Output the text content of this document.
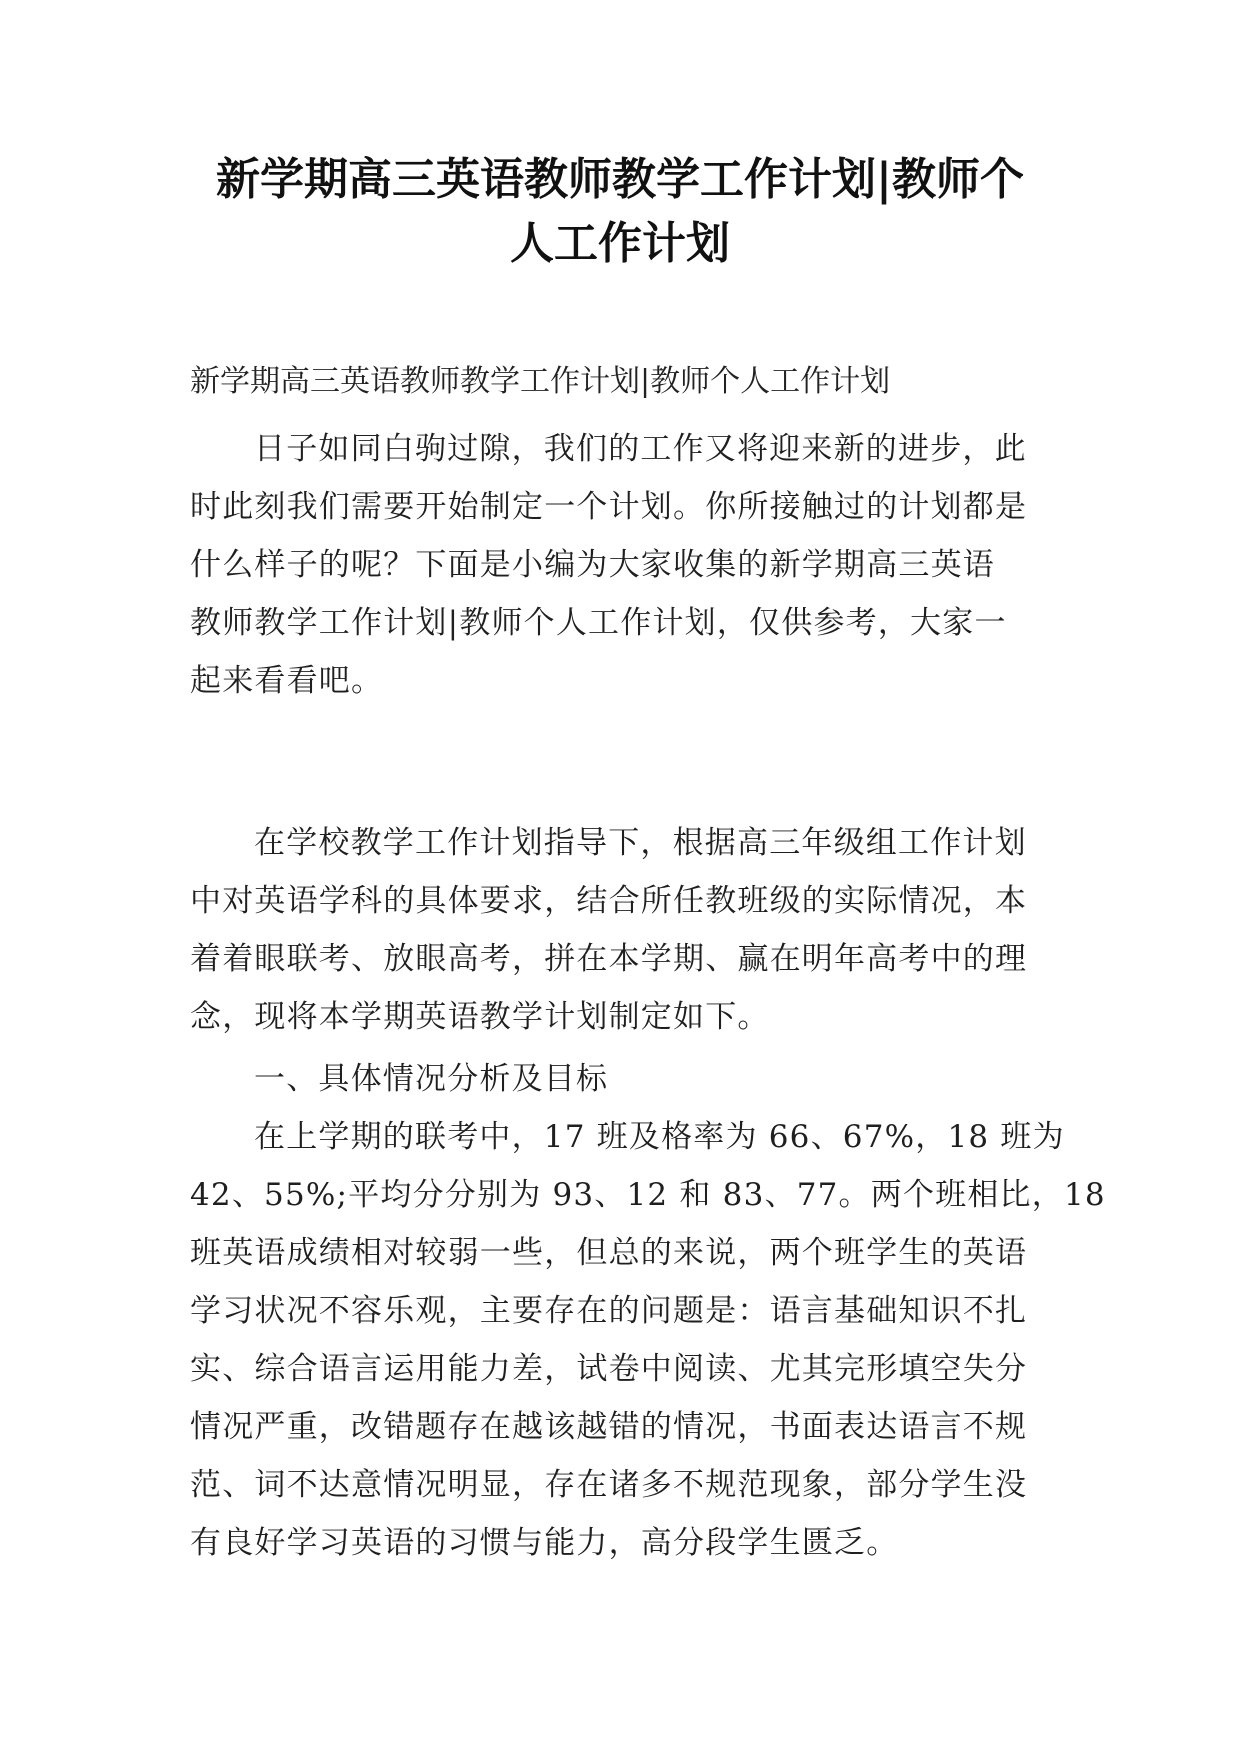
新学期高三英语教师教学工作计划|教师个
人工作计划

新学期高三英语教师教学工作计划|教师个人工作计划

日子如同白驹过隙，我们的工作又将迎来新的进步，此
时此刻我们需要开始制定一个计划。你所接触过的计划都是
什么样子的呢？下面是小编为大家收集的新学期高三英语
教师教学工作计划|教师个人工作计划，仅供参考，大家一
起来看看吧。

在学校教学工作计划指导下，根据高三年级组工作计划
中对英语学科的具体要求，结合所任教班级的实际情况，本
着着眼联考、放眼高考，拼在本学期、赢在明年高考中的理
念，现将本学期英语教学计划制定如下。

一、具体情况分析及目标

在上学期的联考中，17 班及格率为 66、67%，18 班为
42、55%;平均分分别为 93、12 和 83、77。两个班相比，18
班英语成绩相对较弱一些，但总的来说，两个班学生的英语
学习状况不容乐观，主要存在的问题是：语言基础知识不扎
实、综合语言运用能力差，试卷中阅读、尤其完形填空失分
情况严重，改错题存在越该越错的情况，书面表达语言不规
范、词不达意情况明显，存在诸多不规范现象，部分学生没
有良好学习英语的习惯与能力，高分段学生匮乏。
